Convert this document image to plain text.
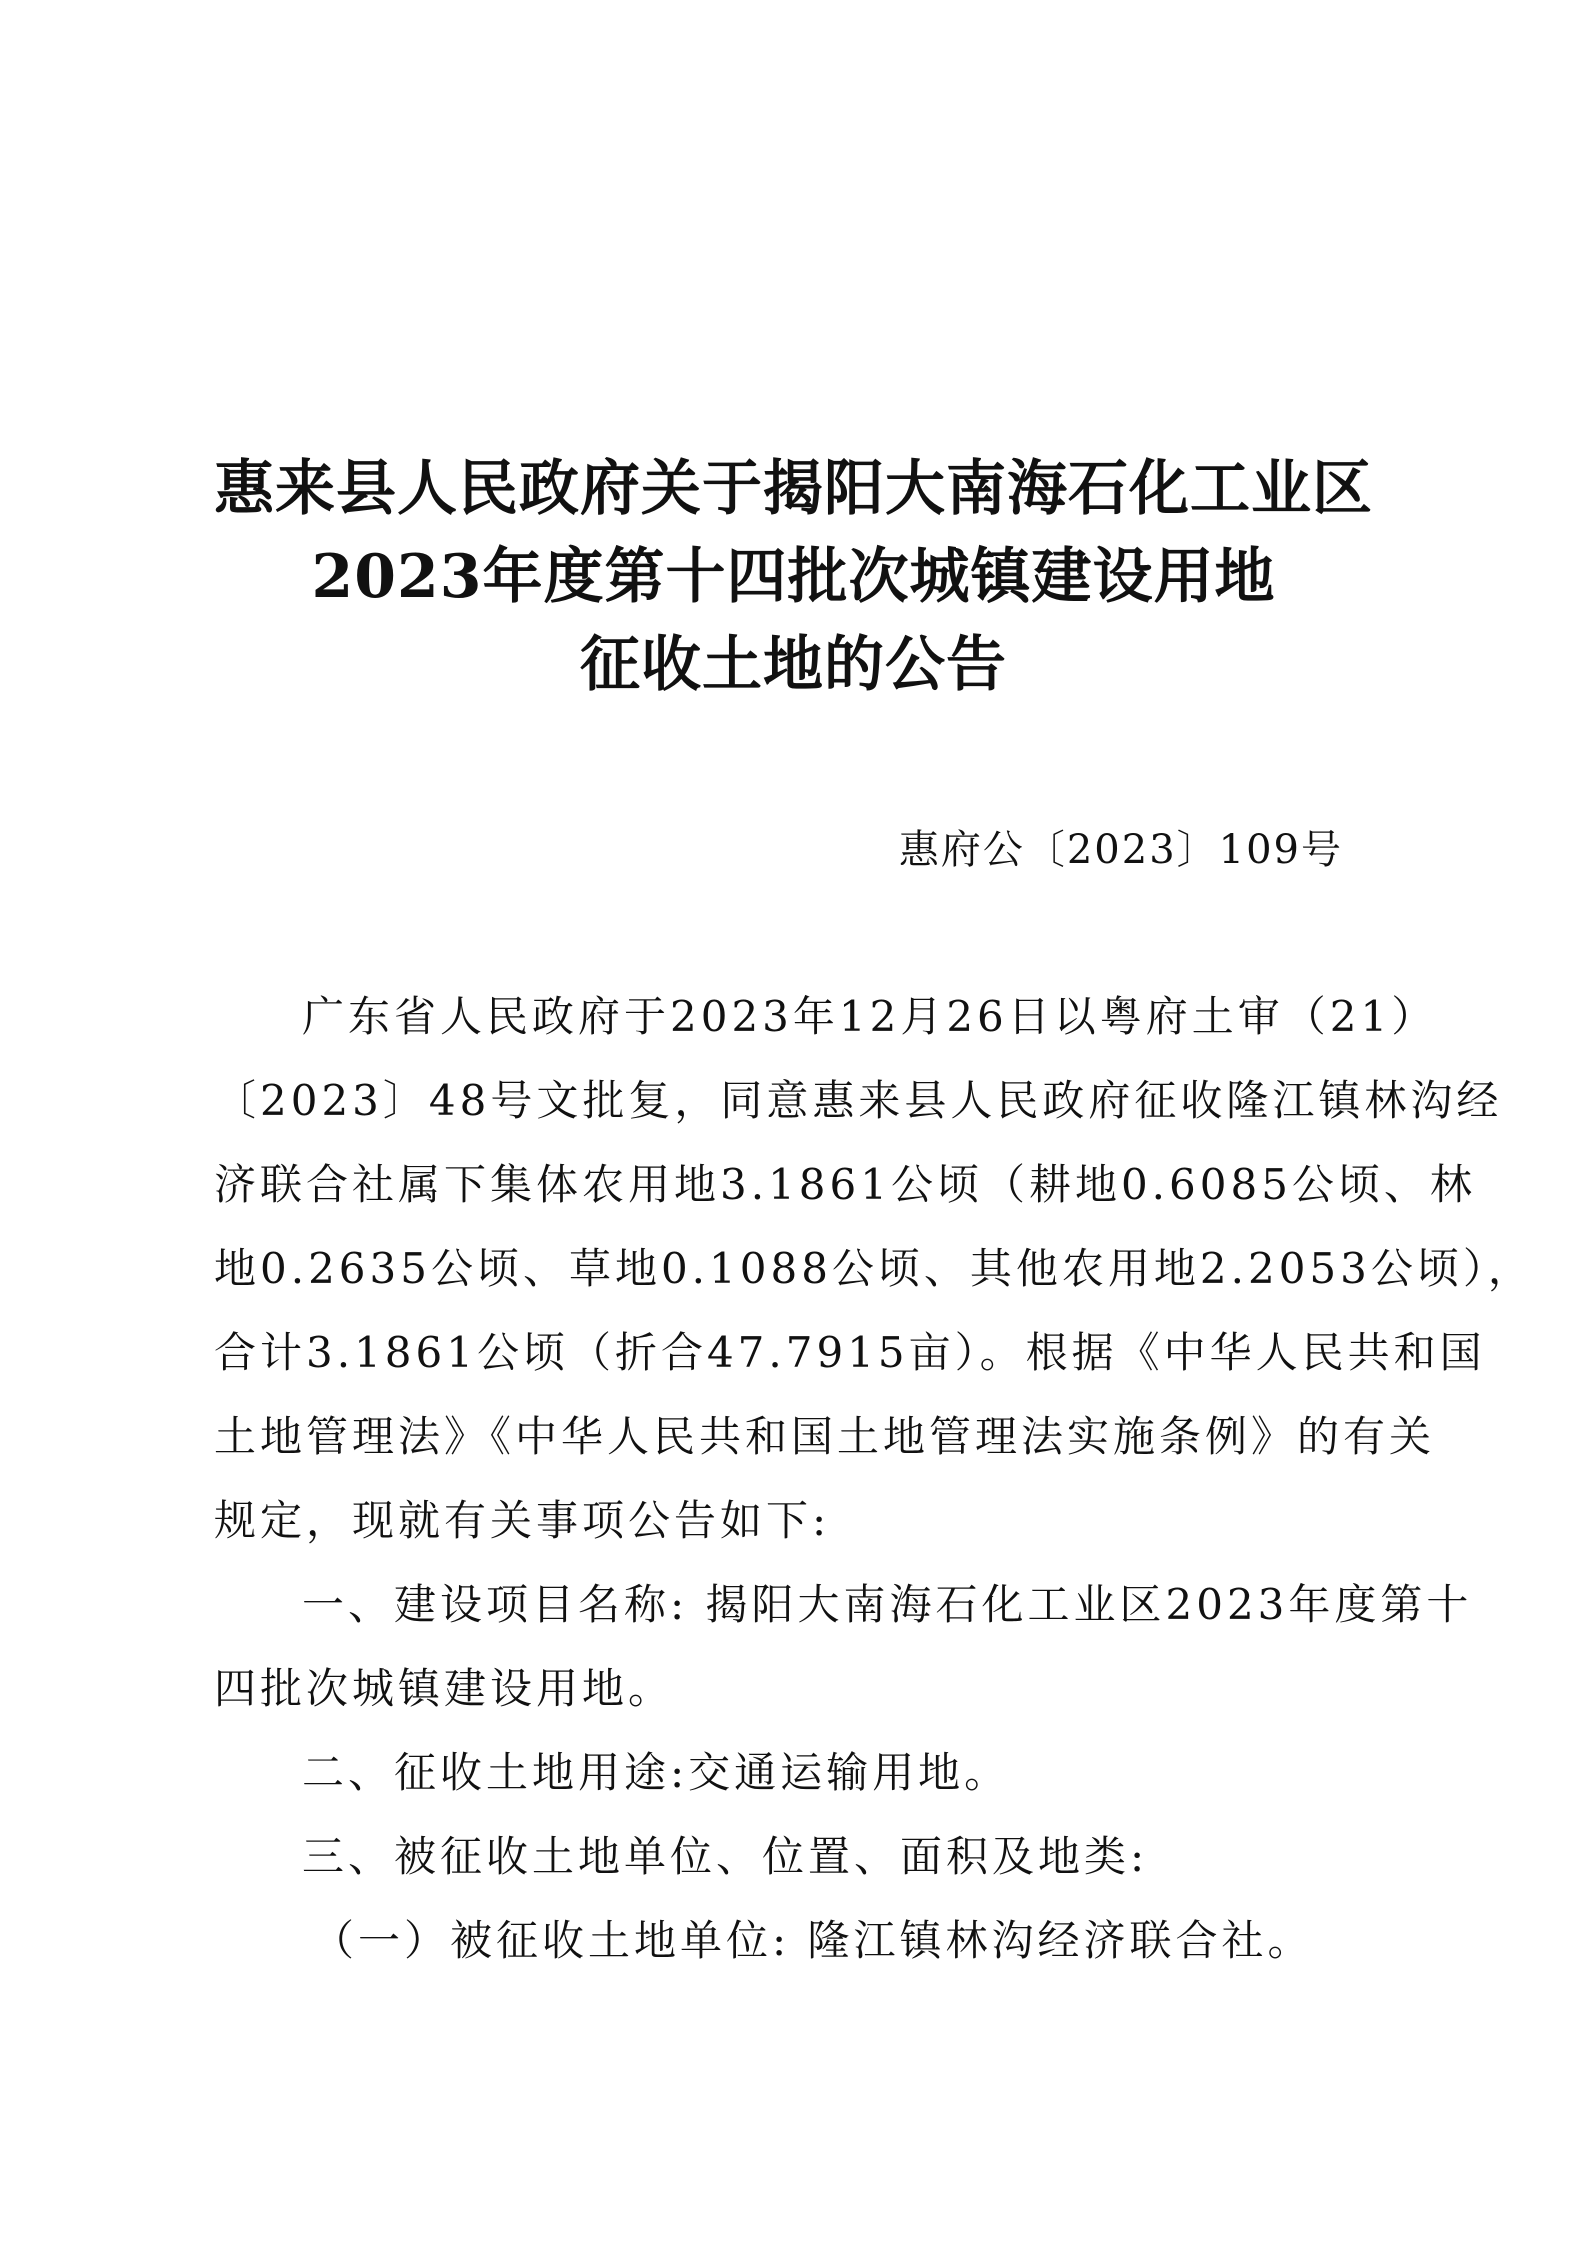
惠来县人民政府关于揭阳大南海石化工业区
2023年度第十四批次城镇建设用地
征收土地的公告
惠府公〔2023〕109号
广东省人民政府于2023年12月26日以粤府土审（21）
〔2023〕48号文批复，同意惠来县人民政府征收隆江镇林沟经
济联合社属下集体农用地3.1861公顷（耕地0.6085公顷、林
地0.2635公顷、草地0.1088公顷、其他农用地2.2053公顷），
合计3.1861公顷（折合47.7915亩）。根据《中华人民共和国
土地管理法》《中华人民共和国土地管理法实施条例》的有关
规定，现就有关事项公告如下:
一、建设项目名称: 揭阳大南海石化工业区2023年度第十
四批次城镇建设用地。
二、征收土地用途:交通运输用地。
三、被征收土地单位、位置、面积及地类:
（一）被征收土地单位: 隆江镇林沟经济联合社。
